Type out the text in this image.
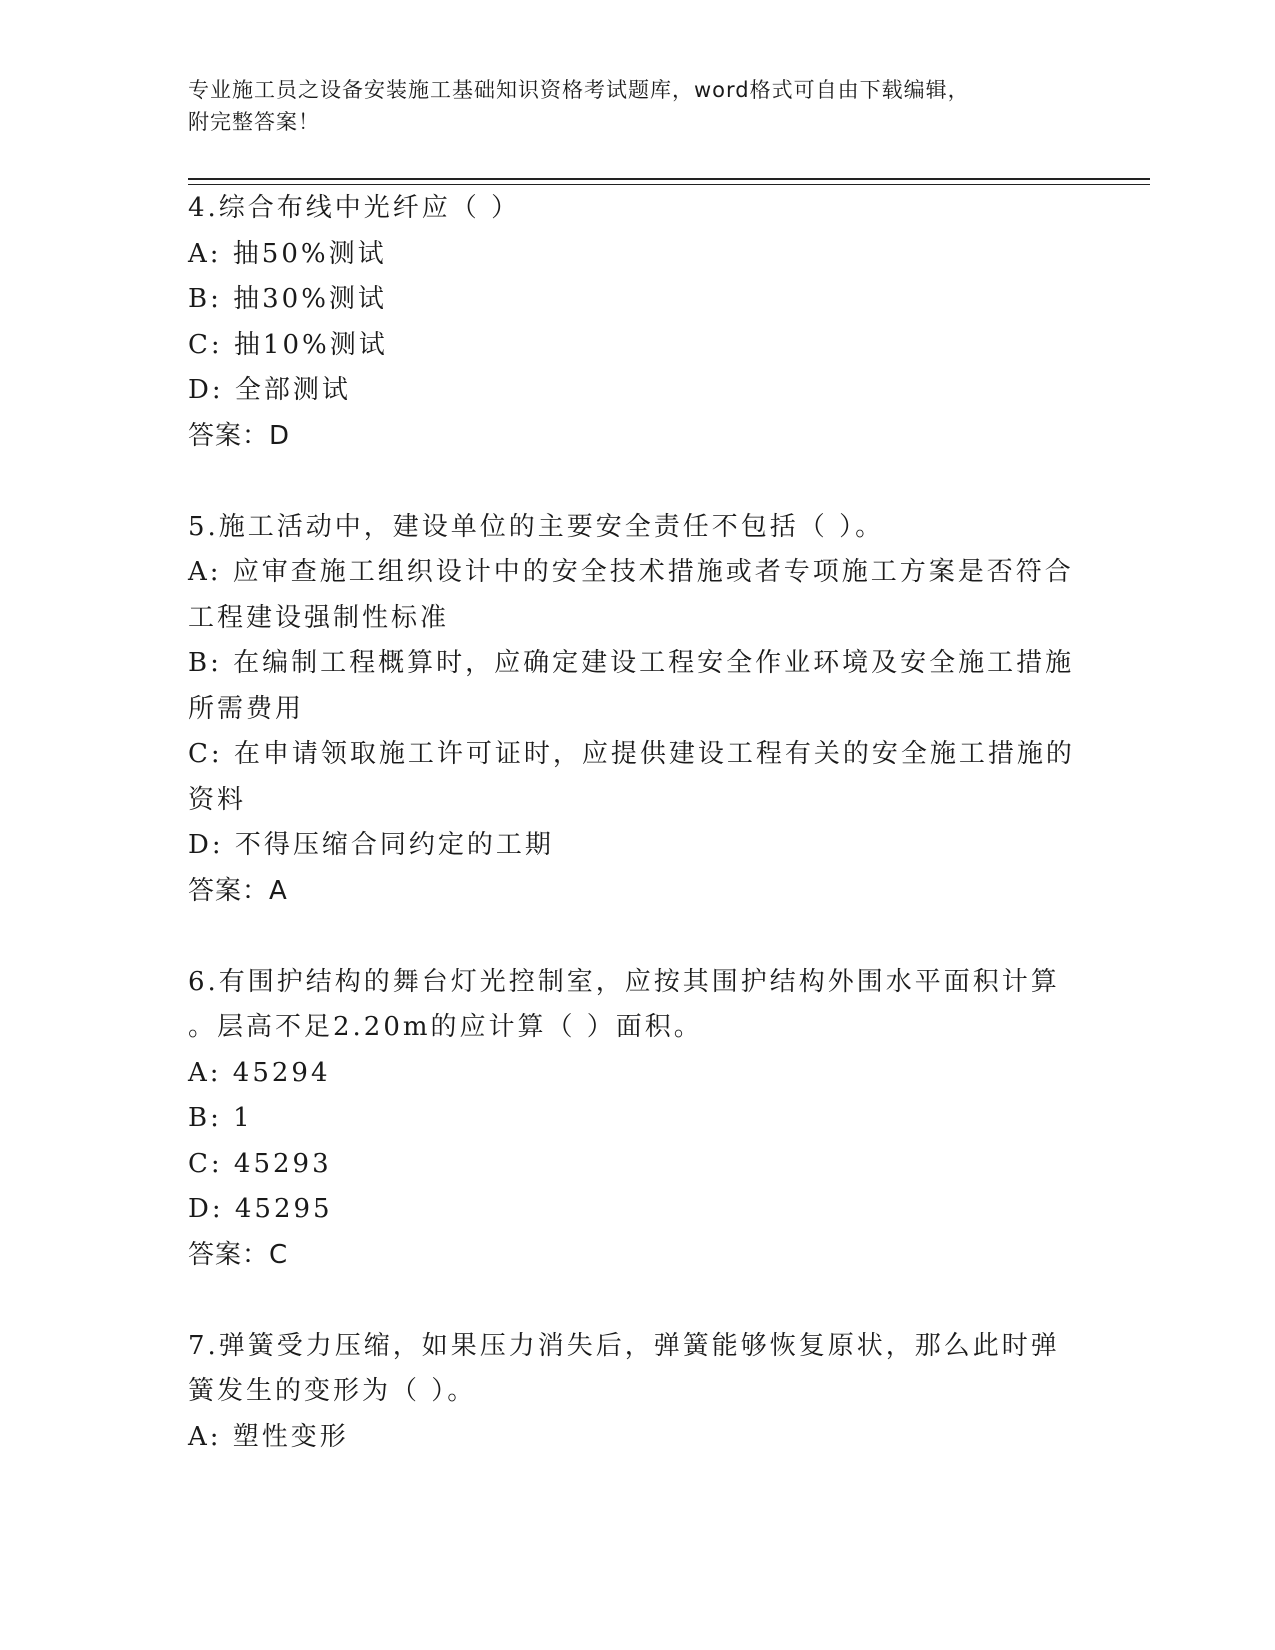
专业施工员之设备安装施工基础知识资格考试题库，word格式可自由下载编辑，
附完整答案！
4.综合布线中光纤应（ ）
A: 抽50%测试
B: 抽30%测试
C: 抽10%测试
D: 全部测试
答案：D
5.施工活动中，建设单位的主要安全责任不包括（ ）。
A: 应审查施工组织设计中的安全技术措施或者专项施工方案是否符合
工程建设强制性标准
B: 在编制工程概算时，应确定建设工程安全作业环境及安全施工措施
所需费用
C: 在申请领取施工许可证时，应提供建设工程有关的安全施工措施的
资料
D: 不得压缩合同约定的工期
答案：A
6.有围护结构的舞台灯光控制室，应按其围护结构外围水平面积计算
。层高不足2.20m的应计算（ ）面积。
A: 45294
B: 1
C: 45293
D: 45295
答案：C
7.弹簧受力压缩，如果压力消失后，弹簧能够恢复原状，那么此时弹
簧发生的变形为（ ）。
A: 塑性变形
